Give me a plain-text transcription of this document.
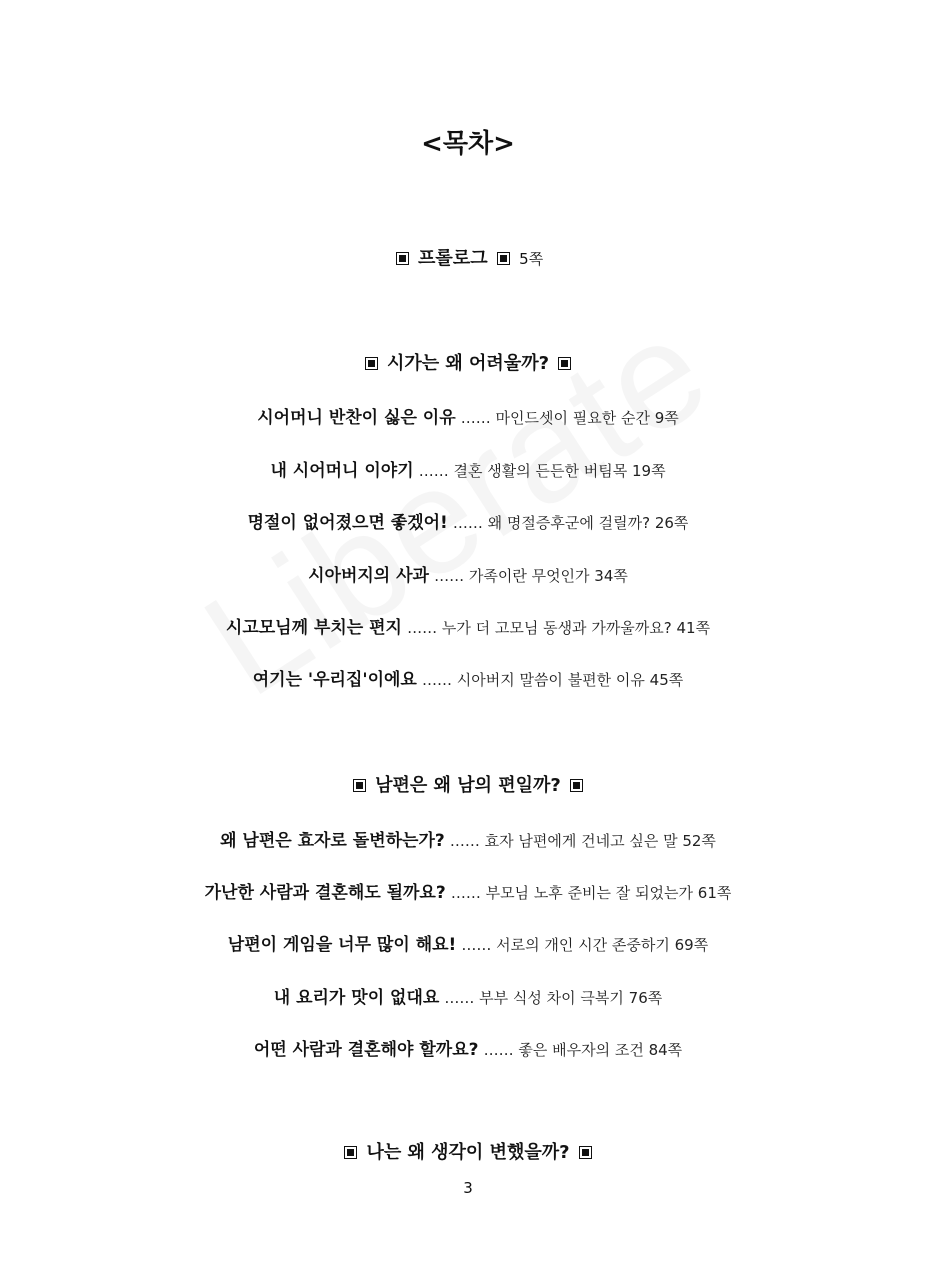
<목차>
프롤로그 5쪽
시가는 왜 어려울까?
시어머니 반찬이 싫은 이유 …… 마인드셋이 필요한 순간 9쪽
내 시어머니 이야기 …… 결혼 생활의 든든한 버팀목 19쪽
명절이 없어졌으면 좋겠어! …… 왜 명절증후군에 걸릴까? 26쪽
시아버지의 사과 …… 가족이란 무엇인가 34쪽
시고모님께 부치는 편지 …… 누가 더 고모님 동생과 가까울까요? 41쪽
여기는 '우리집'이에요 …… 시아버지 말씀이 불편한 이유 45쪽
남편은 왜 남의 편일까?
왜 남편은 효자로 돌변하는가? …… 효자 남편에게 건네고 싶은 말 52쪽
가난한 사람과 결혼해도 될까요? …… 부모님 노후 준비는 잘 되었는가 61쪽
남편이 게임을 너무 많이 해요! …… 서로의 개인 시간 존중하기 69쪽
내 요리가 맛이 없대요 …… 부부 식성 차이 극복기 76쪽
어떤 사람과 결혼해야 할까요? …… 좋은 배우자의 조건 84쪽
나는 왜 생각이 변했을까?
3
